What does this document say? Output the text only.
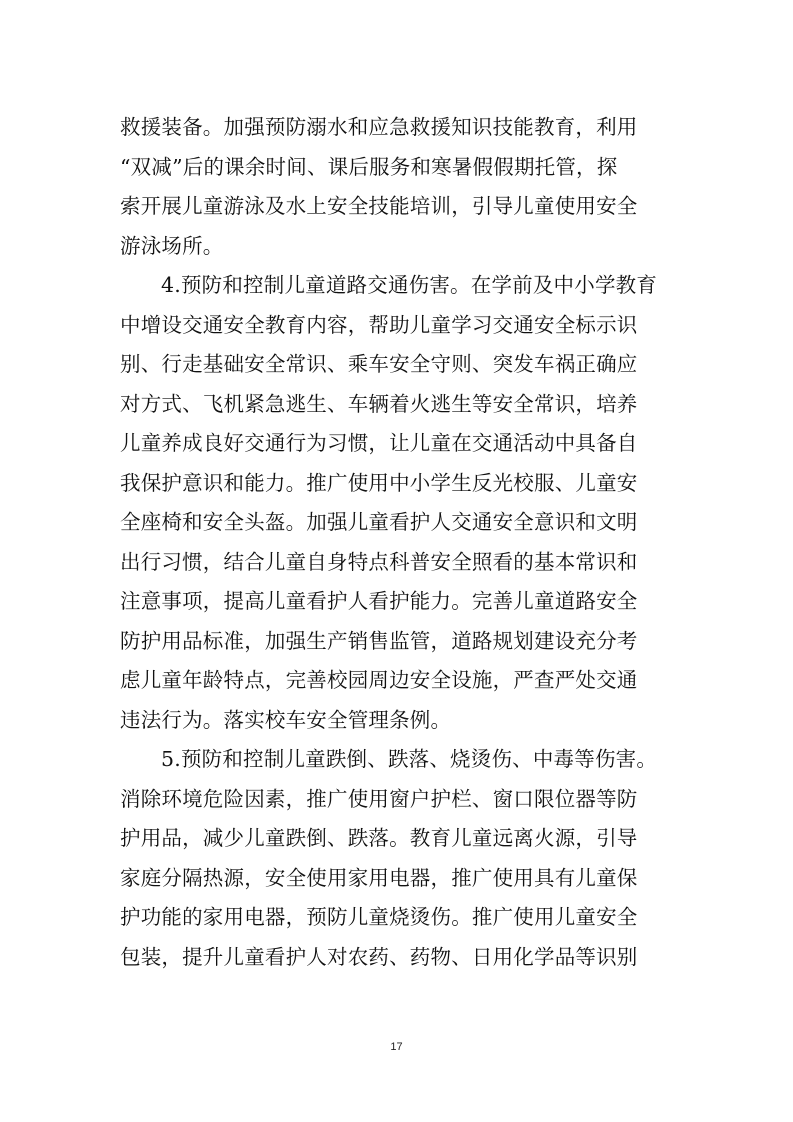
救援装备。加强预防溺水和应急救援知识技能教育，利用
“双减”后的课余时间、课后服务和寒暑假假期托管，探
索开展儿童游泳及水上安全技能培训，引导儿童使用安全
游泳场所。
4.预防和控制儿童道路交通伤害。在学前及中小学教育
中增设交通安全教育内容，帮助儿童学习交通安全标示识
别、行走基础安全常识、乘车安全守则、突发车祸正确应
对方式、飞机紧急逃生、车辆着火逃生等安全常识，培养
儿童养成良好交通行为习惯，让儿童在交通活动中具备自
我保护意识和能力。推广使用中小学生反光校服、儿童安
全座椅和安全头盔。加强儿童看护人交通安全意识和文明
出行习惯，结合儿童自身特点科普安全照看的基本常识和
注意事项，提高儿童看护人看护能力。完善儿童道路安全
防护用品标准，加强生产销售监管，道路规划建设充分考
虑儿童年龄特点，完善校园周边安全设施，严查严处交通
违法行为。落实校车安全管理条例。
5.预防和控制儿童跌倒、跌落、烧烫伤、中毒等伤害。
消除环境危险因素，推广使用窗户护栏、窗口限位器等防
护用品，减少儿童跌倒、跌落。教育儿童远离火源，引导
家庭分隔热源，安全使用家用电器，推广使用具有儿童保
护功能的家用电器，预防儿童烧烫伤。推广使用儿童安全
包装，提升儿童看护人对农药、药物、日用化学品等识别
17
